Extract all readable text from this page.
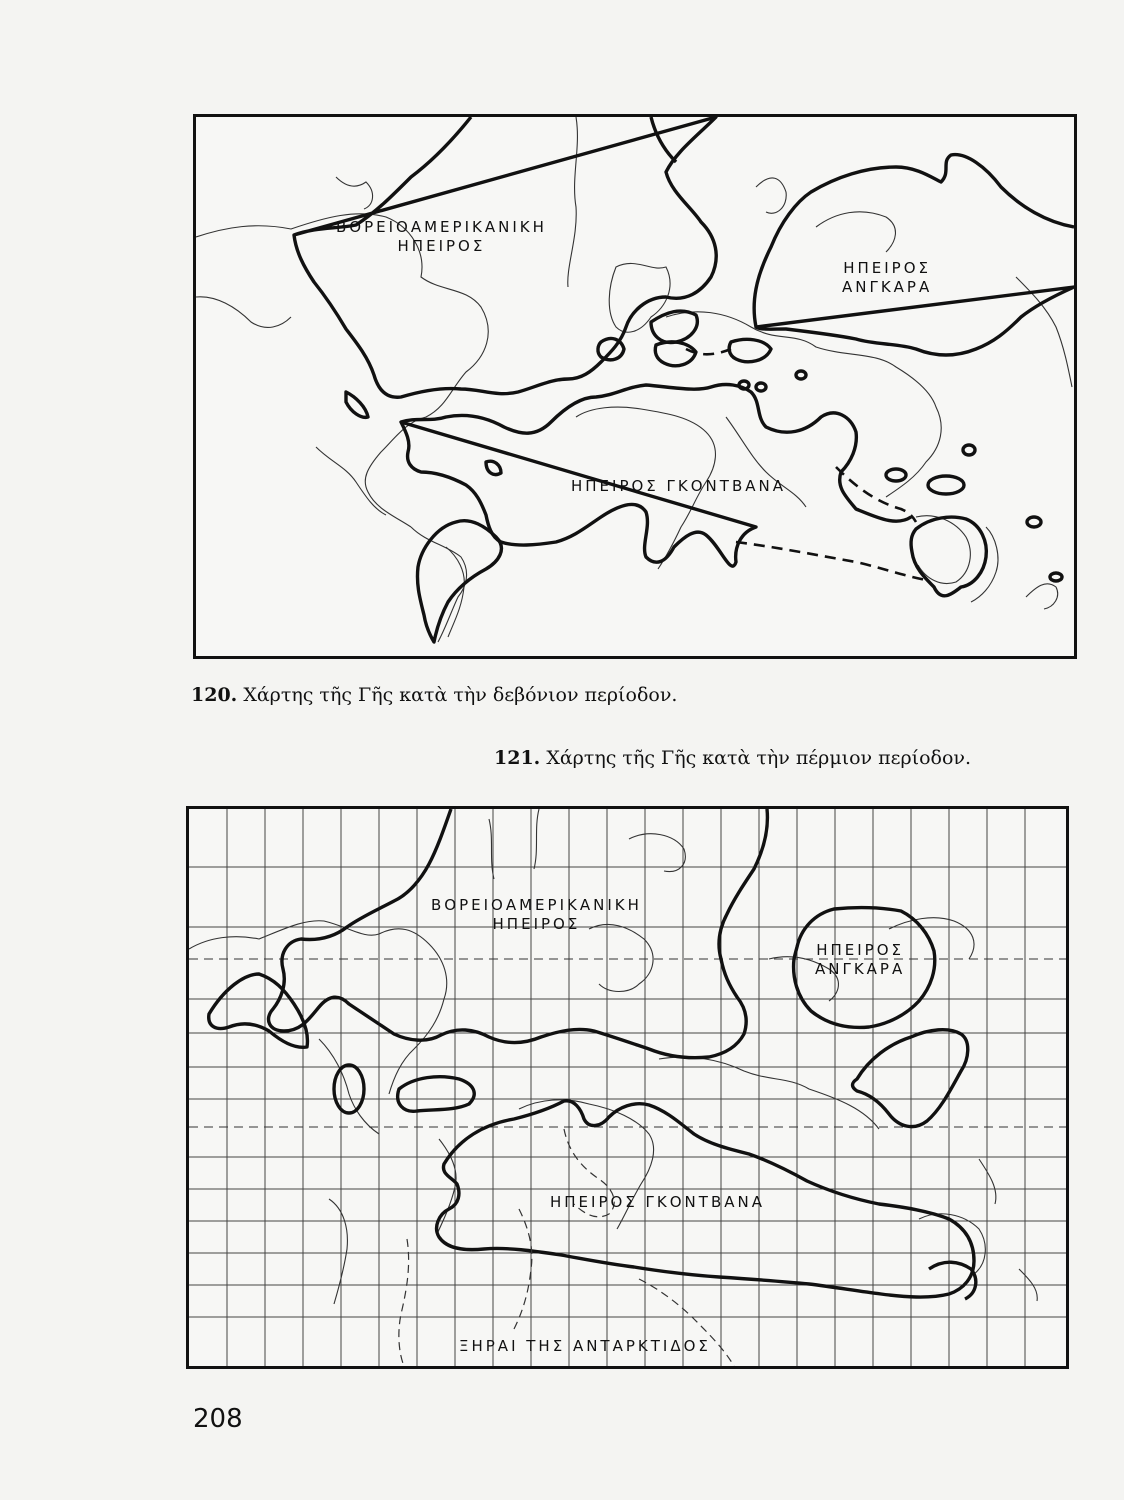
ΒΟΡΕΙΟΑΜΕΡΙΚΑΝΙΚΗ
ΗΠΕΙΡΟΣ
ΗΠΕΙΡΟΣ
ΑΝΓΚΑΡΑ
ΗΠΕΙΡΟΣ ΓΚΟΝΤΒΑΝΑ
120. Χάρτης τῆς Γῆς κατὰ τὴν δεβόνιον περίοδον.
121. Χάρτης τῆς Γῆς κατὰ τὴν πέρμιον περίοδον.
ΒΟΡΕΙΟΑΜΕΡΙΚΑΝΙΚΗ
ΗΠΕΙΡΟΣ
ΗΠΕΙΡΟΣ
ΑΝΓΚΑΡΑ
ΗΠΕΙΡΟΣ ΓΚΟΝΤΒΑΝΑ
ΞΗΡΑΙ ΤΗΣ ΑΝΤΑΡΚΤΙΔΟΣ
208
